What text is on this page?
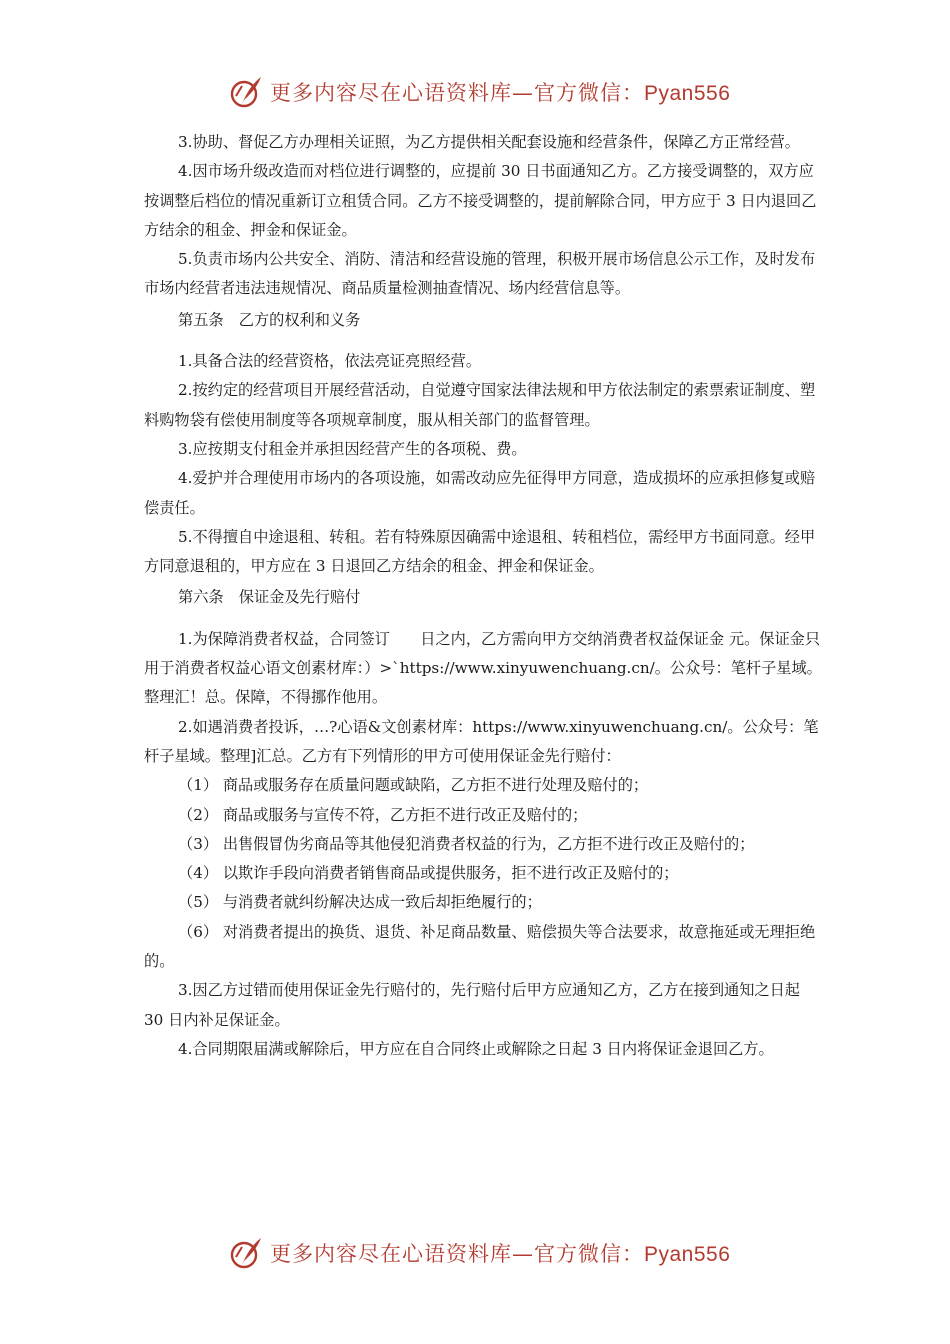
更多内容尽在心语资料库—官方微信：Pyan556

3.协助、督促乙方办理相关证照，为乙方提供相关配套设施和经营条件，保障乙方正常经营。

4.因市场升级改造而对档位进行调整的，应提前 30 日书面通知乙方。乙方接受调整的，双方应按调整后档位的情况重新订立租赁合同。乙方不接受调整的，提前解除合同，甲方应于 3 日内退回乙方结余的租金、押金和保证金。

5.负责市场内公共安全、消防、清洁和经营设施的管理，积极开展市场信息公示工作，及时发布市场内经营者违法违规情况、商品质量检测抽查情况、场内经营信息等。

第五条　乙方的权利和义务

1.具备合法的经营资格，依法亮证亮照经营。

2.按约定的经营项目开展经营活动，自觉遵守国家法律法规和甲方依法制定的索票索证制度、塑料购物袋有偿使用制度等各项规章制度，服从相关部门的监督管理。

3.应按期支付租金并承担因经营产生的各项税、费。

4.爱护并合理使用市场内的各项设施，如需改动应先征得甲方同意，造成损坏的应承担修复或赔偿责任。

5.不得擅自中途退租、转租。若有特殊原因确需中途退租、转租档位，需经甲方书面同意。经甲方同意退租的，甲方应在 3 日退回乙方结余的租金、押金和保证金。

第六条　保证金及先行赔付

1.为保障消费者权益，合同签订　　日之内，乙方需向甲方交纳消费者权益保证金 元。保证金只用于消费者权益心语文创素材库：）>`https://www.xinyuwenchuang.cn/。公众号：笔杆子星域。整理汇！总。保障，不得挪作他用。

2.如遇消费者投诉，…?心语&文创素材库：https://www.xinyuwenchuang.cn/。公众号：笔杆子星域。整理]汇总。乙方有下列情形的甲方可使用保证金先行赔付：

（1） 商品或服务存在质量问题或缺陷，乙方拒不进行处理及赔付的；

（2） 商品或服务与宣传不符，乙方拒不进行改正及赔付的；

（3） 出售假冒伪劣商品等其他侵犯消费者权益的行为，乙方拒不进行改正及赔付的；

（4） 以欺诈手段向消费者销售商品或提供服务，拒不进行改正及赔付的；

（5） 与消费者就纠纷解决达成一致后却拒绝履行的；

（6） 对消费者提出的换货、退货、补足商品数量、赔偿损失等合法要求，故意拖延或无理拒绝的。

3.因乙方过错而使用保证金先行赔付的，先行赔付后甲方应通知乙方，乙方在接到通知之日起 30 日内补足保证金。

4.合同期限届满或解除后，甲方应在自合同终止或解除之日起 3 日内将保证金退回乙方。

更多内容尽在心语资料库—官方微信：Pyan556
